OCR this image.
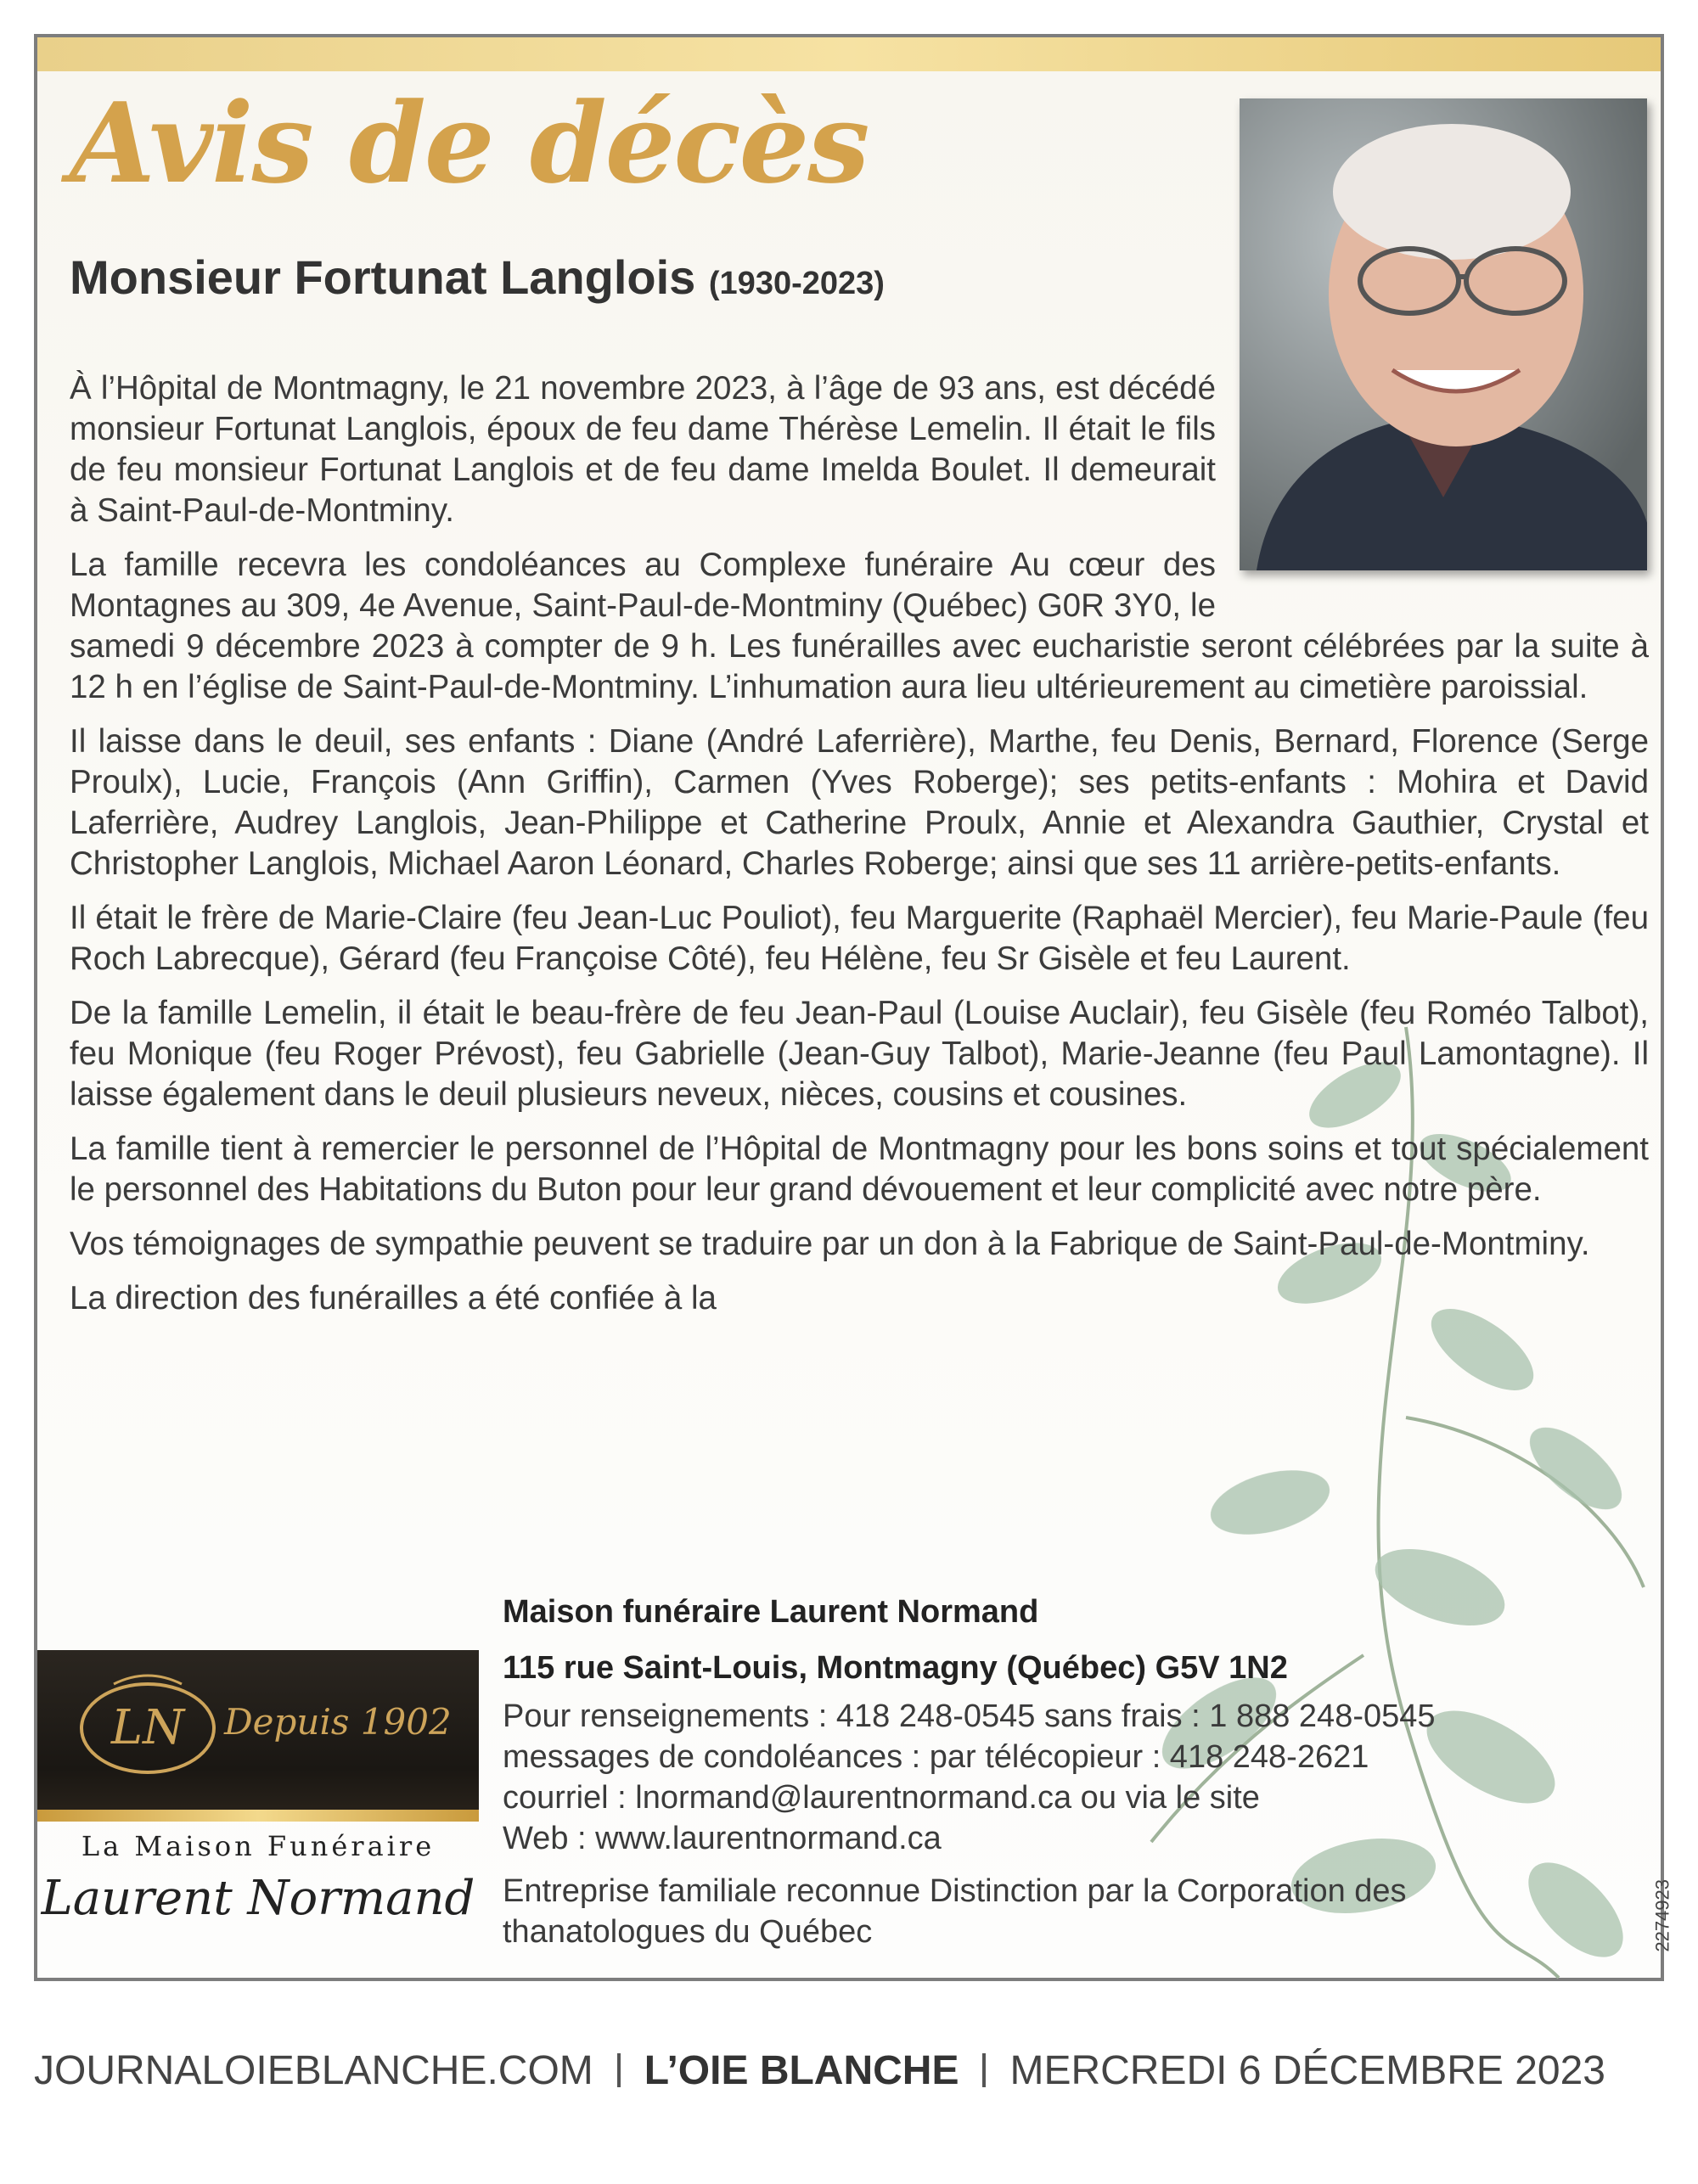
Avis de décès
Monsieur Fortunat Langlois (1930-2023)

À l’Hôpital de Montmagny, le 21 novembre 2023, à l’âge de 93 ans, est décédé monsieur Fortunat Langlois, époux de feu dame Thérèse Lemelin. Il était le fils de feu monsieur Fortunat Langlois et de feu dame Imelda Boulet. Il demeurait à Saint-Paul-de-Montminy.

La famille recevra les condoléances au Complexe funéraire Au cœur des Montagnes au 309, 4e Avenue, Saint-Paul-de-Montminy (Québec) G0R 3Y0, le samedi 9 décembre 2023 à compter de 9 h. Les funérailles avec eucharistie seront célébrées par la suite à 12 h en l’église de Saint-Paul-de-Montminy. L’inhumation aura lieu ultérieurement au cimetière paroissial.

Il laisse dans le deuil, ses enfants : Diane (André Laferrière), Marthe, feu Denis, Bernard, Florence (Serge Proulx), Lucie, François (Ann Griffin), Carmen (Yves Roberge); ses petits-enfants : Mohira et David Laferrière, Audrey Langlois, Jean-Philippe et Catherine Proulx, Annie et Alexandra Gauthier, Crystal et Christopher Langlois, Michael Aaron Léonard, Charles Roberge; ainsi que ses 11 arrière-petits-enfants.

Il était le frère de Marie-Claire (feu Jean-Luc Pouliot), feu Marguerite (Raphaël Mercier), feu Marie-Paule (feu Roch Labrecque), Gérard (feu Françoise Côté), feu Hélène, feu Sr Gisèle et feu Laurent.

De la famille Lemelin, il était le beau-frère de feu Jean-Paul (Louise Auclair), feu Gisèle (feu Roméo Talbot), feu Monique (feu Roger Prévost), feu Gabrielle (Jean-Guy Talbot), Marie-Jeanne (feu Paul Lamontagne). Il laisse également dans le deuil plusieurs neveux, nièces, cousins et cousines.

La famille tient à remercier le personnel de l’Hôpital de Montmagny pour les bons soins et tout spécialement le personnel des Habitations du Buton pour leur grand dévouement et leur complicité avec notre père.

Vos témoignages de sympathie peuvent se traduire par un don à la Fabrique de Saint-Paul-de-Montminy.

La direction des funérailles a été confiée à la

LN Depuis 1902
La Maison Funéraire
Laurent Normand
Maison funéraire Laurent Normand
115 rue Saint-Louis, Montmagny (Québec) G5V 1N2
Pour renseignements : 418 248-0545 sans frais : 1 888 248-0545
messages de condoléances : par télécopieur : 418 248-2621
courriel : lnormand@laurentnormand.ca ou via le site
Web : www.laurentnormand.ca
Entreprise familiale reconnue Distinction par la Corporation des
thanatologues du Québec	2274923
JOURNALOIEBLANCHE.COM L’OIE BLANCHE MERCREDI 6 DÉCEMBRE 2023
